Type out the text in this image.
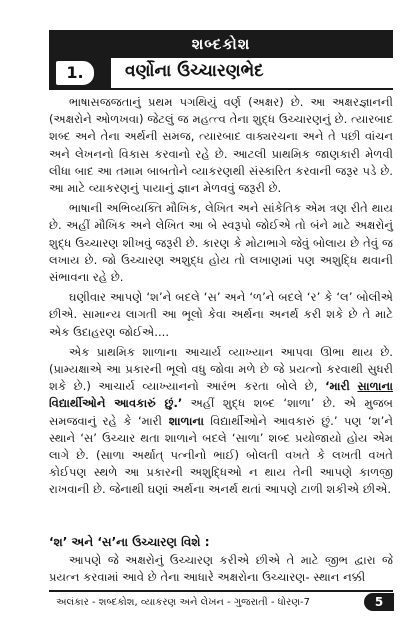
શબ્દકોશ
1.	વર્ણોના ઉચ્ચારણભેદ

ભાષાસજજતાનું પ્રથમ પગથિયું વર્ણ (અક્ષર) છે. આ અક્ષરજ્ઞાનની (અક્ષરોને ઓળખવા) જેટલું જ મહત્ત્વ તેના શુદ્ધ ઉચ્ચારણનું છે. ત્યારબાદ શબ્દ અને તેના અર્થની સમજ, ત્યારબાદ વાક્યરચના અને તે પછી વાંચન અને લેખનનો વિકાસ કરવાનો રહે છે. આટલી પ્રાથમિક જાણકારી મેળવી લીધા બાદ આ તમામ બાબતોને વ્યાકરણથી સંસ્કારિત કરવાની જરૂર પડે છે. આ માટે વ્યાકરણનું પાયાનું જ્ઞાન મેળવવું જરૂરી છે.

ભાષાની અભિવ્યક્તિ મૌખિક, લેખિત અને સાંકેતિક એમ ત્રણ રીતે થાય છે. અહીં મૌખિક અને લેખિત આ બે સ્વરૂપો જોઈએ તો બંને માટે અક્ષરોનું શુદ્ધ ઉચ્ચારણ શીખવું જરૂરી છે. કારણ કે મોટાભાગે જેવું બોલાય છે તેવું જ લખાય છે. જો ઉચ્ચારણ અશુદ્ધ હોય તો લખાણમાં પણ અશુદ્ધિ થવાની સંભાવના રહે છે.

ઘણીવાર આપણે ‘શ’ને બદલે ‘સ’ અને ‘ળ’ને બદલે ‘ર’ કે ‘લ’ બોલીએ છીએ. સામાન્ય લાગતી આ ભૂલો કેવા અર્થના અનર્થ કરી શકે છે તે માટે એક ઉદાહરણ જોઈએ....

એક પ્રાથમિક શાળાના આચાર્ય વ્યાખ્યાન આપવા ઊભા થાય છે. (પ્રામ્યક્ષાએ આ પ્રકારની ભૂલો વધુ જોવા મળે છે જે પ્રયત્નો કરવાથી સુધરી શકે છે.) આચાર્ય વ્યાખ્યાનનો આરંભ કરતા બોલે છે, ‘મારી સાળાના વિદ્યાર્થીઓને આવકારું છું.’ અહીં શુદ્ધ શબ્દ ‘શાળા’ છે. એ મુજબ સમજવાનું રહે કે ‘મારી શાળાના વિદ્યાર્થીઓને આવકારું છું.’ પણ ‘શ’ને સ્થાને ‘સ’ ઉચ્ચાર થતા શાળાને બદલે ‘સાળા’ શબ્દ પ્રયોજાયો હોય એમ લાગે છે. (સાળા અર્થાત્ પત્નીનો ભાઈ) બોલતી વખતે કે લખતી વખતે કોઈપણ સ્થળે આ પ્રકારની અશુદ્ધિઓ ન થાય તેની આપણે કાળજી રાખવાની છે. જેનાથી ઘણાં અર્થના અનર્થ થતાં આપણે ટાળી શકીએ છીએ.

‘શ’ અને ‘સ’ના ઉચ્ચારણ વિશે :

આપણે જે અક્ષરોનું ઉચ્ચારણ કરીએ છીએ તે માટે જીભ દ્વારા જે પ્રયત્ન કરવામાં આવે છે તેના આધારે અક્ષરોના ઉચ્ચારણ- સ્થાન નક્કી

અલંકાર - શબ્દકોશ, વ્યાકરણ અને લેખન - ગુજરાતી - ધોરણ-7	5
